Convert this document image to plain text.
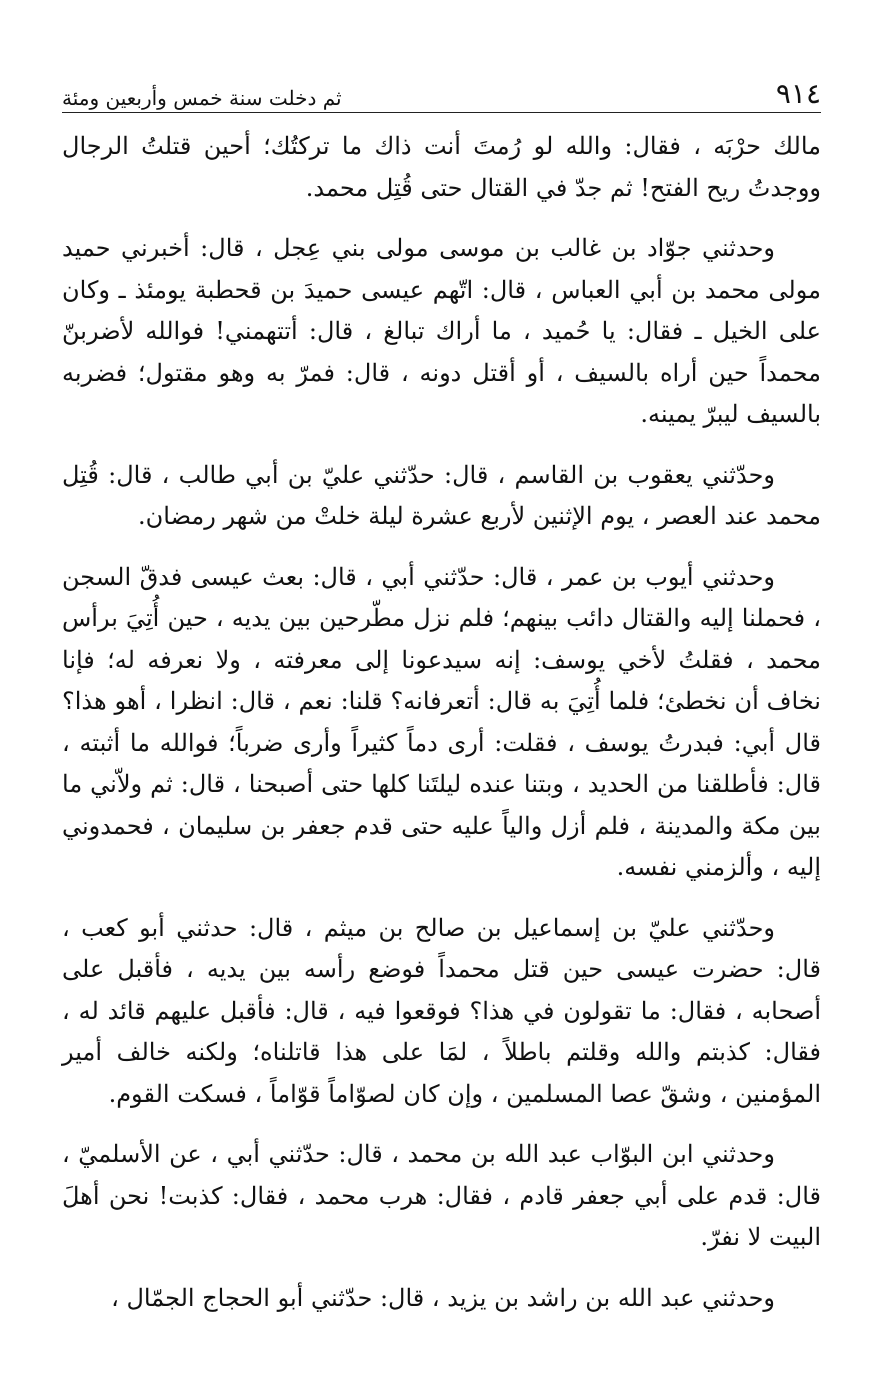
٩١٤
ثم دخلت سنة خمس وأربعين ومئة

مالك حرْبَه ، فقال: والله لو رُمتَ أنت ذاك ما تركتُك؛ أحين قتلتُ الرجال ووجدتُ ريح الفتح! ثم جدّ في القتال حتى قُتِل محمد.

وحدثني جوّاد بن غالب بن موسى مولى بني عِجل ، قال: أخبرني حميد مولى محمد بن أبي العباس ، قال: اتّهم عيسى حميدَ بن قحطبة يومئذ ـ وكان على الخيل ـ فقال: يا حُميد ، ما أراك تبالغ ، قال: أتتهمني! فوالله لأضربنّ محمداً حين أراه بالسيف ، أو أقتل دونه ، قال: فمرّ به وهو مقتول؛ فضربه بالسيف ليبرّ يمينه.

وحدّثني يعقوب بن القاسم ، قال: حدّثني عليّ بن أبي طالب ، قال: قُتِل محمد عند العصر ، يوم الإثنين لأربع عشرة ليلة خلتْ من شهر رمضان.

وحدثني أيوب بن عمر ، قال: حدّثني أبي ، قال: بعث عيسى فدقّ السجن ، فحملنا إليه والقتال دائب بينهم؛ فلم نزل مطّرحين بين يديه ، حين أُتِيَ برأس محمد ، فقلتُ لأخي يوسف: إنه سيدعونا إلى معرفته ، ولا نعرفه له؛ فإنا نخاف أن نخطئ؛ فلما أُتِيَ به قال: أتعرفانه؟ قلنا: نعم ، قال: انظرا ، أهو هذا؟ قال أبي: فبدرتُ يوسف ، فقلت: أرى دماً كثيراً وأرى ضرباً؛ فوالله ما أثبته ، قال: فأطلقنا من الحديد ، وبتنا عنده ليلتَنا كلها حتى أصبحنا ، قال: ثم ولاّني ما بين مكة والمدينة ، فلم أزل والياً عليه حتى قدم جعفر بن سليمان ، فحمدوني إليه ، وألزمني نفسه.

وحدّثني عليّ بن إسماعيل بن صالح بن ميثم ، قال: حدثني أبو كعب ، قال: حضرت عيسى حين قتل محمداً فوضع رأسه بين يديه ، فأقبل على أصحابه ، فقال: ما تقولون في هذا؟ فوقعوا فيه ، قال: فأقبل عليهم قائد له ، فقال: كذبتم والله وقلتم باطلاً ، لمَا على هذا قاتلناه؛ ولكنه خالف أمير المؤمنين ، وشقّ عصا المسلمين ، وإن كان لصوّاماً قوّاماً ، فسكت القوم.

وحدثني ابن البوّاب عبد الله بن محمد ، قال: حدّثني أبي ، عن الأسلميّ ، قال: قدم على أبي جعفر قادم ، فقال: هرب محمد ، فقال: كذبت! نحن أهلَ البيت لا نفرّ.

وحدثني عبد الله بن راشد بن يزيد ، قال: حدّثني أبو الحجاج الجمّال ،
